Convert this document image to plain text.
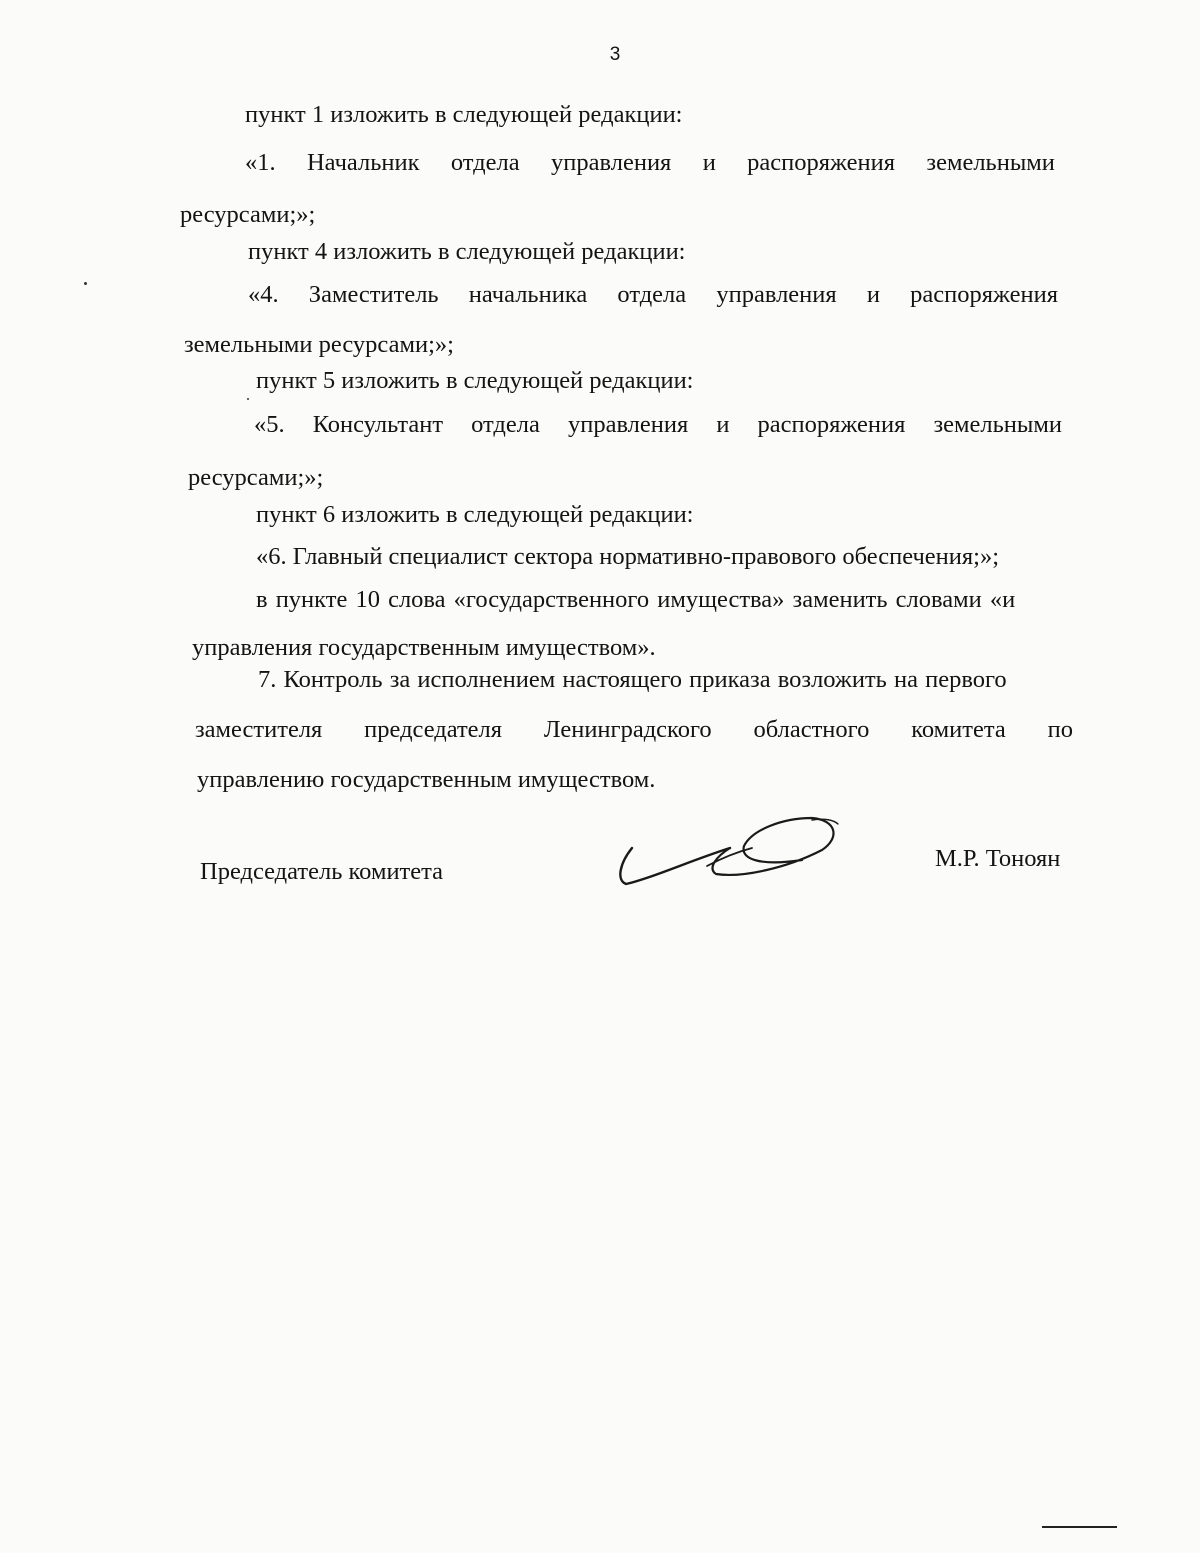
3
пункт 1 изложить в следующей редакции:
«1. Начальник отдела управления и распоряжения земельными
ресурсами;»;
пункт 4 изложить в следующей редакции:
«4. Заместитель начальника отдела управления и распоряжения
земельными ресурсами;»;
пункт 5 изложить в следующей редакции:
«5. Консультант отдела управления и распоряжения земельными
ресурсами;»;
пункт 6 изложить в следующей редакции:
«6. Главный специалист сектора нормативно-правового обеспечения;»;
в пункте 10 слова «государственного имущества» заменить словами «и
управления государственным имуществом».
7. Контроль за исполнением настоящего приказа возложить на первого
заместителя председателя Ленинградского областного комитета по
управлению государственным имуществом.
Председатель комитета	М.Р. Тоноян
